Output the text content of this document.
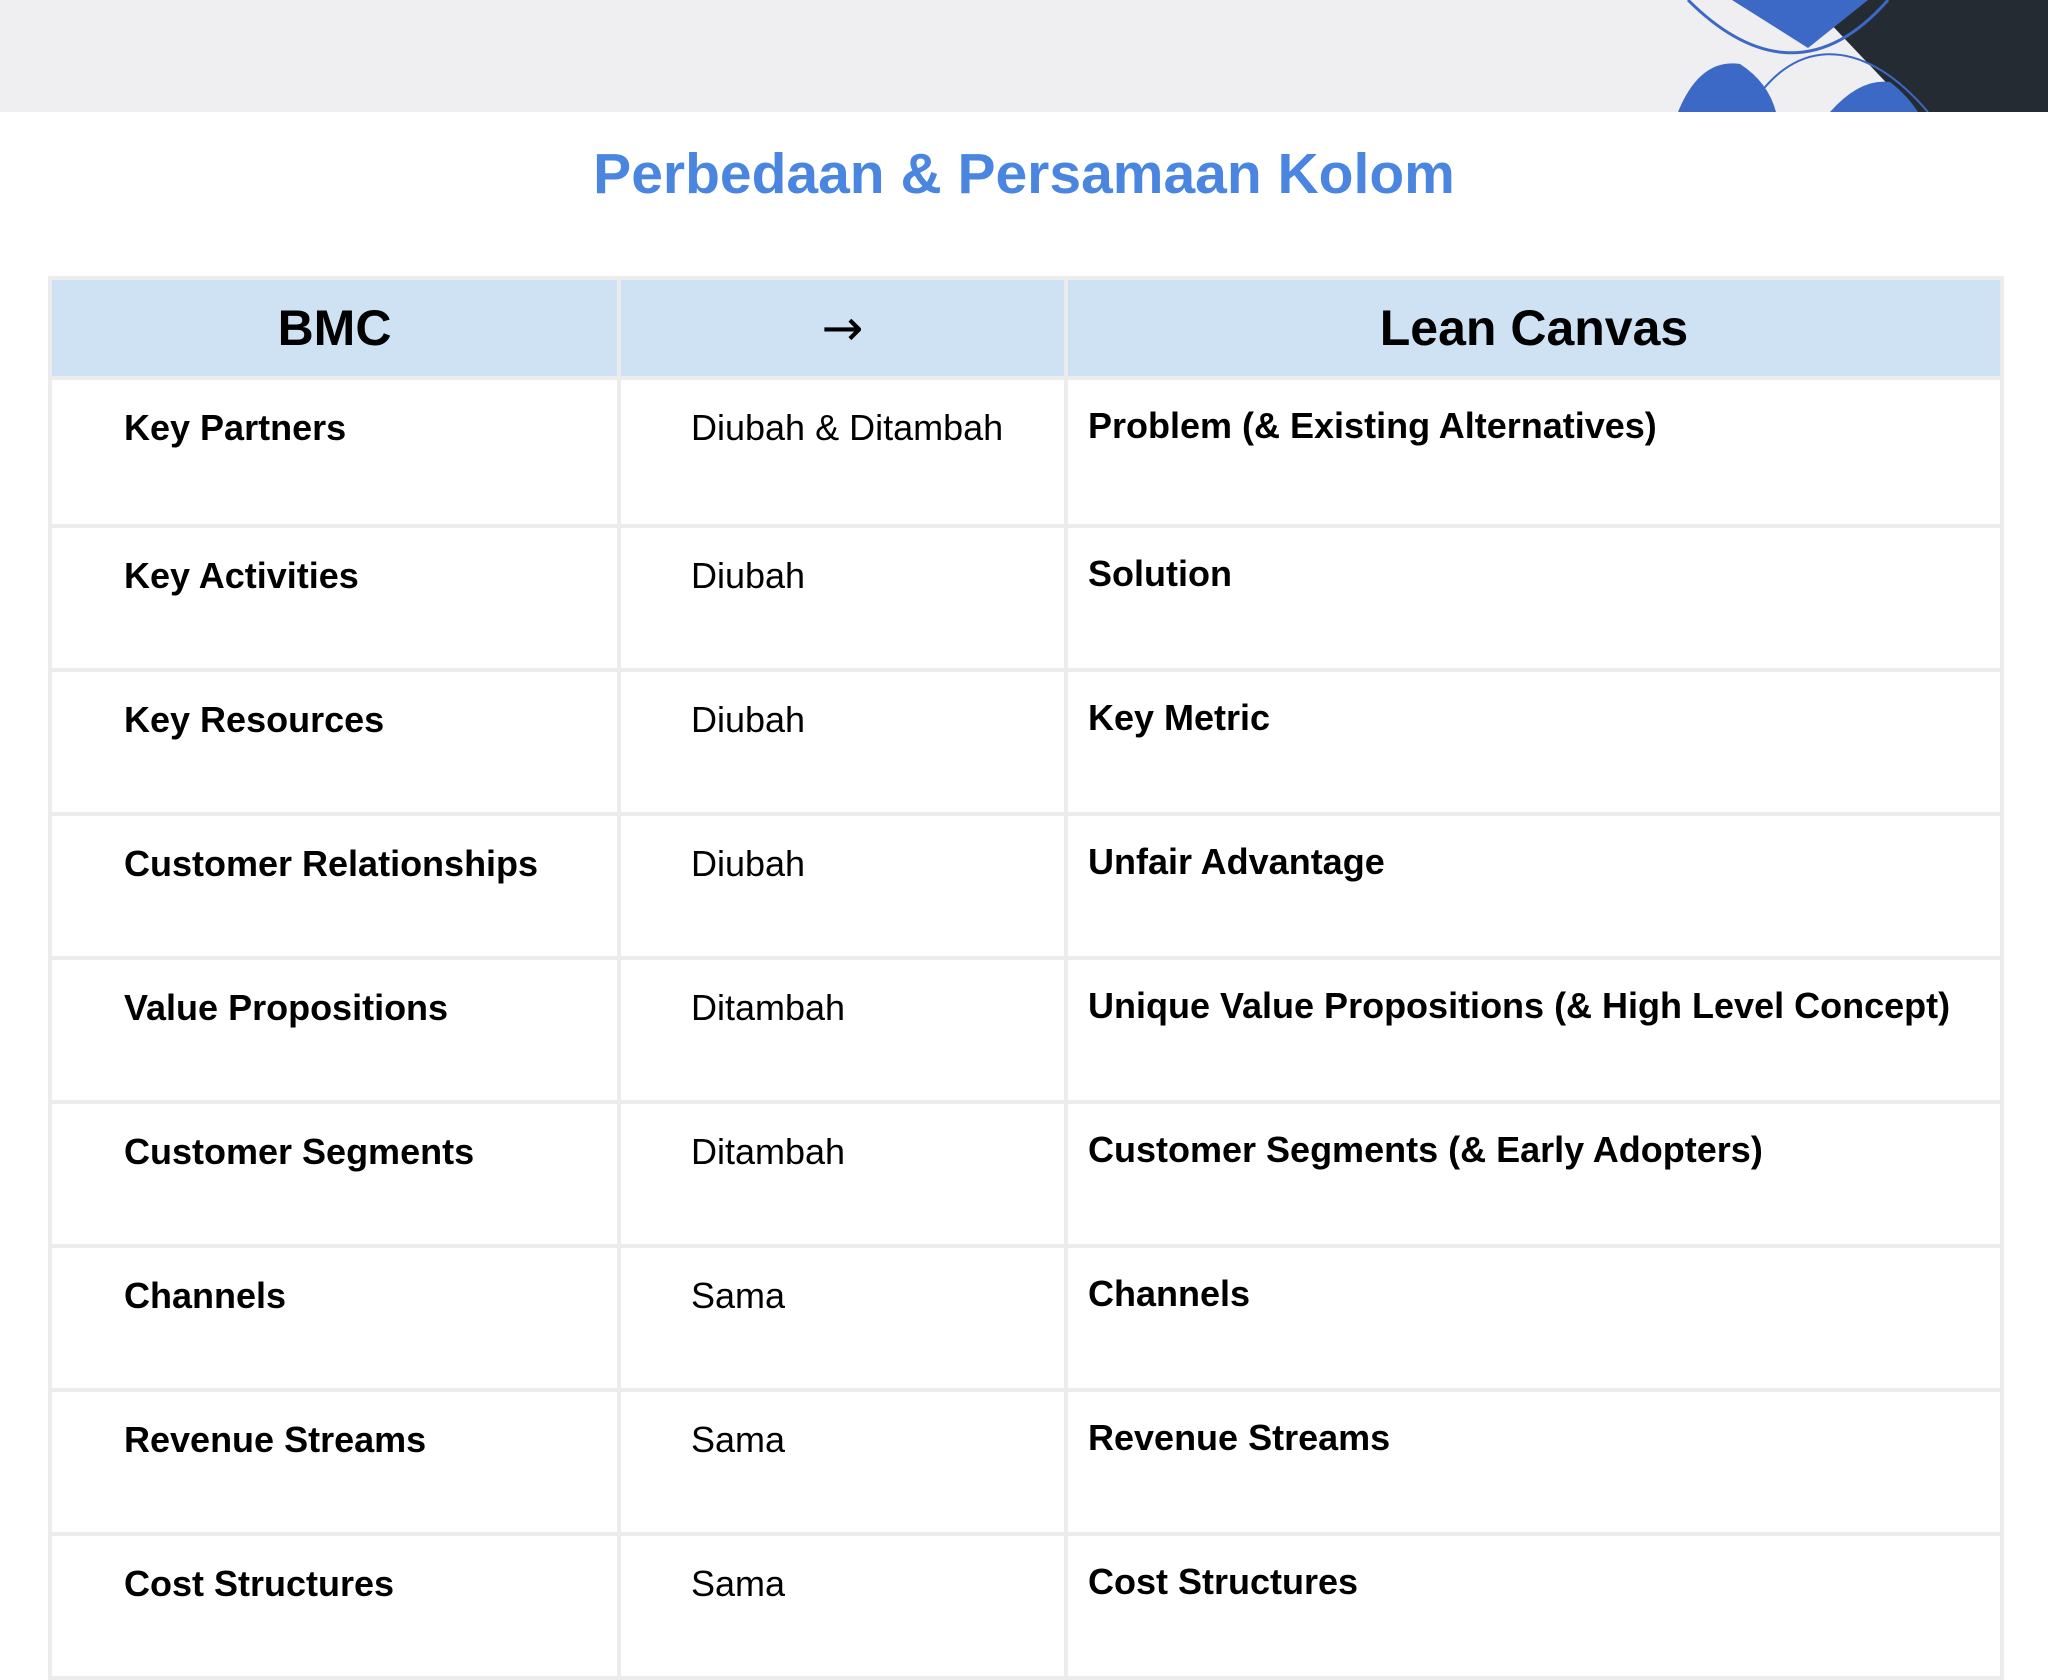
Perbedaan & Persamaan Kolom
BMC	→	Lean Canvas
Key Partners	Diubah & Ditambah	Problem (& Existing Alternatives)
Key Activities	Diubah	Solution
Key Resources	Diubah	Key Metric
Customer Relationships	Diubah	Unfair Advantage
Value Propositions	Ditambah	Unique Value Propositions (& High Level Concept)
Customer Segments	Ditambah	Customer Segments (& Early Adopters)
Channels	Sama	Channels
Revenue Streams	Sama	Revenue Streams
Cost Structures	Sama	Cost Structures
